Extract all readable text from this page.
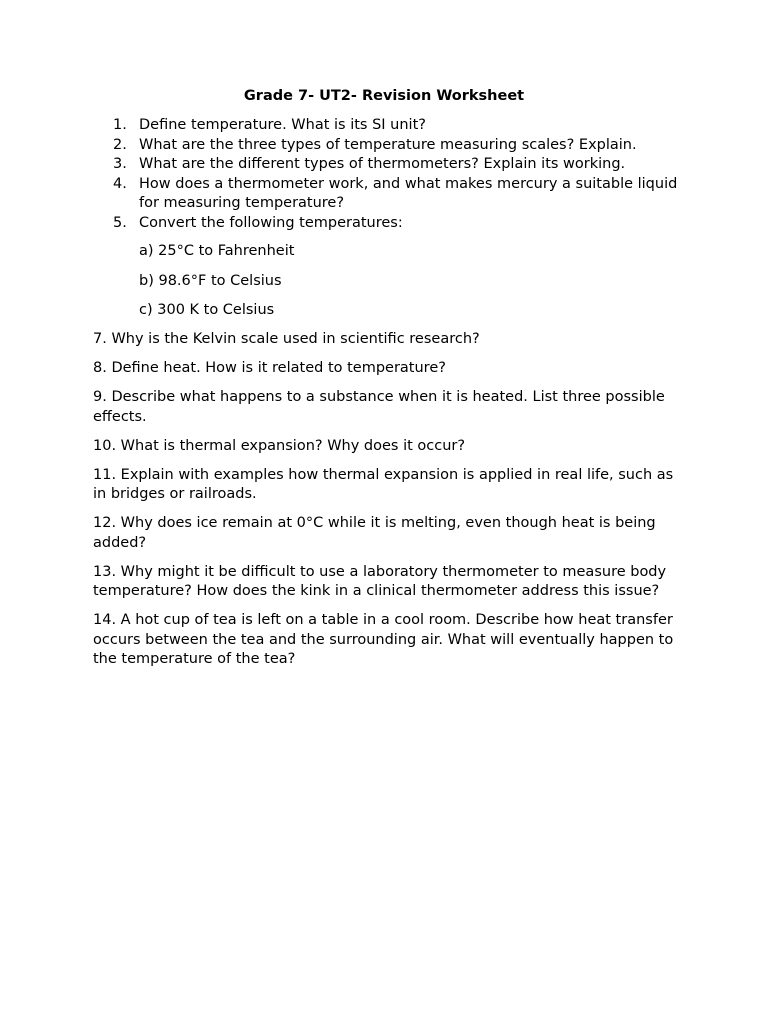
Grade 7- UT2- Revision Worksheet
1. Define temperature. What is its SI unit?
2. What are the three types of temperature measuring scales? Explain.
3. What are the different types of thermometers? Explain its working.
4. How does a thermometer work, and what makes mercury a suitable liquid for measuring temperature?
5. Convert the following temperatures:
a) 25°C to Fahrenheit
b) 98.6°F to Celsius
c) 300 K to Celsius

7. Why is the Kelvin scale used in scientific research?

8. Define heat. How is it related to temperature?

9. Describe what happens to a substance when it is heated. List three possible effects.

10. What is thermal expansion? Why does it occur?

11. Explain with examples how thermal expansion is applied in real life, such as in bridges or railroads.

12. Why does ice remain at 0°C while it is melting, even though heat is being added?

13. Why might it be difficult to use a laboratory thermometer to measure body temperature? How does the kink in a clinical thermometer address this issue?

14. A hot cup of tea is left on a table in a cool room. Describe how heat transfer occurs between the tea and the surrounding air. What will eventually happen to the temperature of the tea?
